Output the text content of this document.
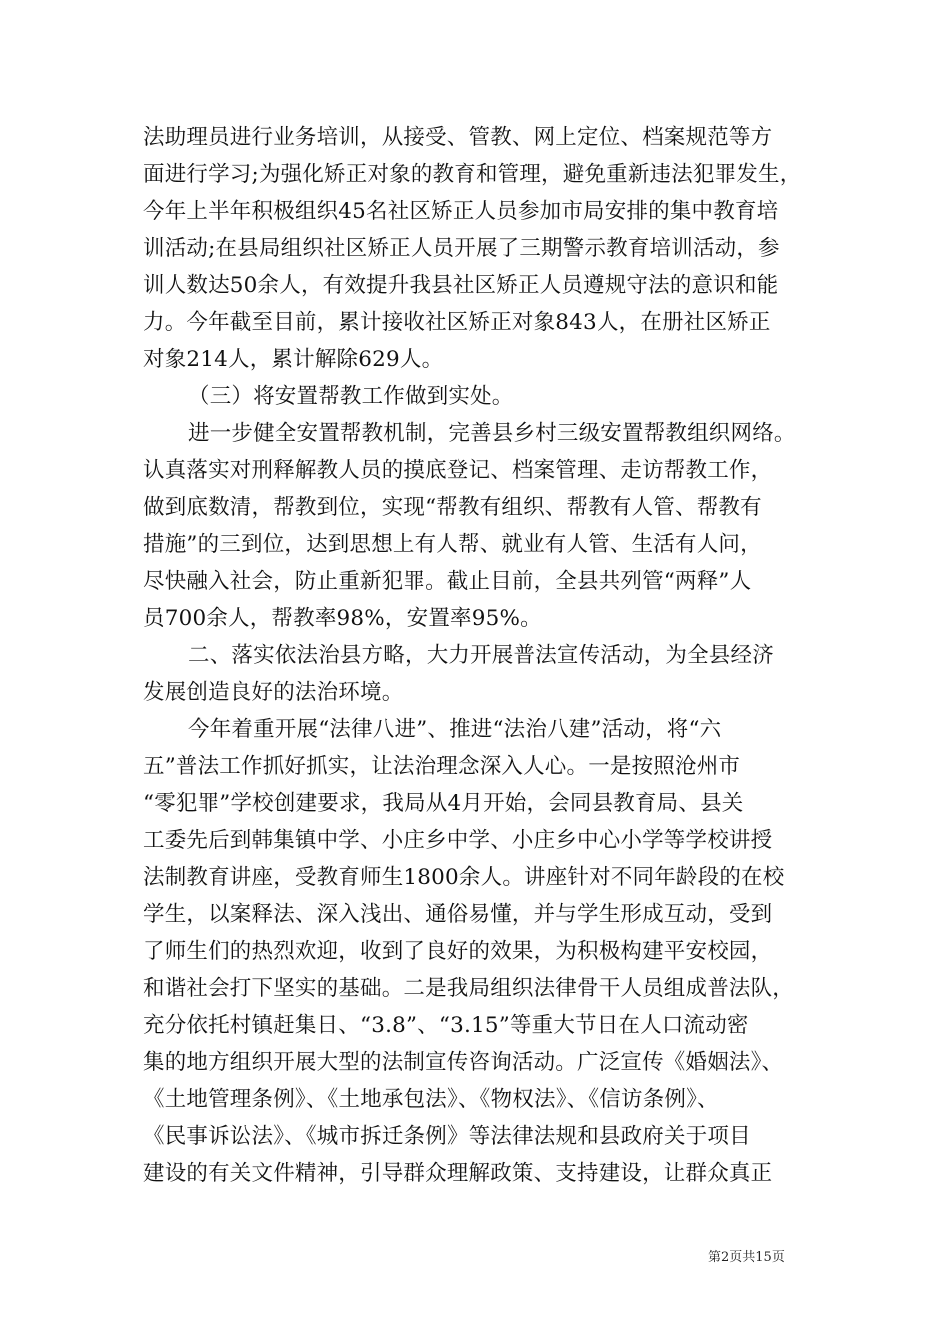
法助理员进行业务培训，从接受、管教、网上定位、档案规范等方
面进行学习;为强化矫正对象的教育和管理，避免重新违法犯罪发生，
今年上半年积极组织45名社区矫正人员参加市局安排的集中教育培
训活动;在县局组织社区矫正人员开展了三期警示教育培训活动，参
训人数达50余人，有效提升我县社区矫正人员遵规守法的意识和能
力。今年截至目前，累计接收社区矫正对象843人，在册社区矫正
对象214人，累计解除629人。
（三）将安置帮教工作做到实处。
进一步健全安置帮教机制，完善县乡村三级安置帮教组织网络。
认真落实对刑释解教人员的摸底登记、档案管理、走访帮教工作，
做到底数清，帮教到位，实现“帮教有组织、帮教有人管、帮教有
措施”的三到位，达到思想上有人帮、就业有人管、生活有人问，
尽快融入社会，防止重新犯罪。截止目前，全县共列管“两释”人
员700余人，帮教率98%，安置率95%。
二、落实依法治县方略，大力开展普法宣传活动，为全县经济
发展创造良好的法治环境。
今年着重开展“法律八进”、推进“法治八建”活动，将“六
五”普法工作抓好抓实，让法治理念深入人心。一是按照沧州市
“零犯罪”学校创建要求，我局从4月开始，会同县教育局、县关
工委先后到韩集镇中学、小庄乡中学、小庄乡中心小学等学校讲授
法制教育讲座，受教育师生1800余人。讲座针对不同年龄段的在校
学生，以案释法、深入浅出、通俗易懂，并与学生形成互动，受到
了师生们的热烈欢迎，收到了良好的效果，为积极构建平安校园，
和谐社会打下坚实的基础。二是我局组织法律骨干人员组成普法队，
充分依托村镇赶集日、“3.8”、“3.15”等重大节日在人口流动密
集的地方组织开展大型的法制宣传咨询活动。广泛宣传《婚姻法》、
《土地管理条例》、《土地承包法》、《物权法》、《信访条例》、
《民事诉讼法》、《城市拆迁条例》等法律法规和县政府关于项目
建设的有关文件精神，引导群众理解政策、支持建设，让群众真正
第2页共15页
